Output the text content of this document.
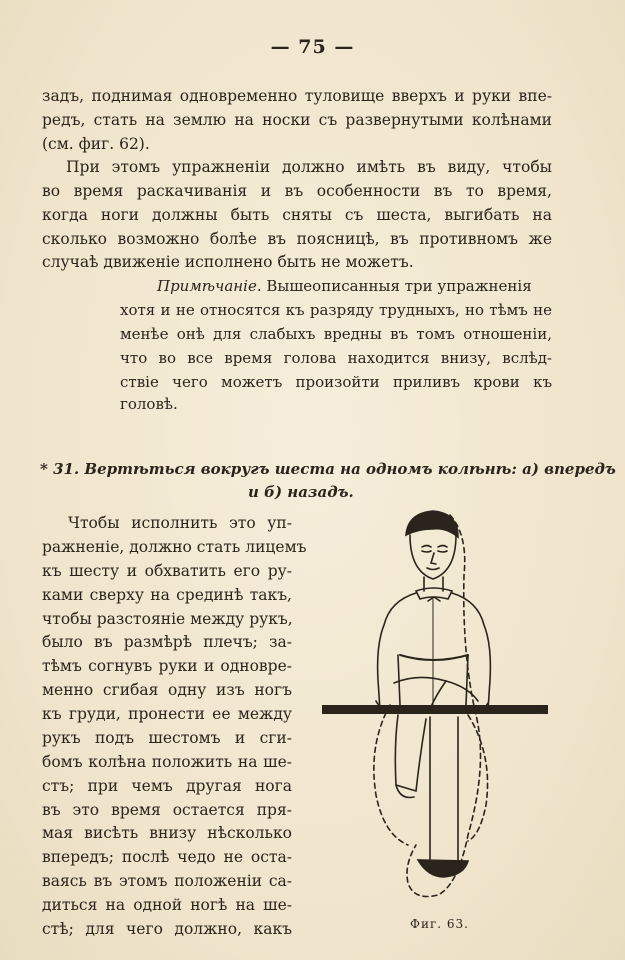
— 75 —
задъ, поднимая одновременно туловище вверхъ и руки впе-
редъ, стать на землю на носки съ развернутыми колѣнами
(см. фиг. 62).
При этомъ упражненіи должно имѣть въ виду, чтобы
во время раскачиванія и въ особенности въ то время,
когда ноги должны быть сняты съ шеста, выгибать на
сколько возможно болѣе въ поясницѣ, въ противномъ же
случаѣ движеніе исполнено быть не можетъ.
Примѣчаніе. Вышеописанныя три упражненія
хотя и не относятся къ разряду трудныхъ, но тѣмъ не
менѣе онѣ для слабыхъ вредны въ томъ отношеніи,
что во все время голова находится внизу, вслѣд-
ствіе чего можетъ произойти приливъ крови къ
головѣ.
* 31. Вертѣться вокругъ шеста на одномъ колѣнѣ: а) впередъ
и б) назадъ.
Чтобы исполнить это уп-
ражненіе, должно стать лицемъ
къ шесту и обхватить его ру-
ками сверху на срединѣ такъ,
чтобы разстояніе между рукъ,
было въ размѣрѣ плечъ; за-
тѣмъ согнувъ руки и одновре-
менно сгибая одну изъ ногъ
къ груди, пронести ее между
рукъ подъ шестомъ и сги-
бомъ колѣна положить на ше-
стъ; при чемъ другая нога
въ это время остается пря-
мая висѣть внизу нѣсколько
впередъ; послѣ чедо не оста-
ваясь въ этомъ положеніи са-
диться на одной ногѣ на ше-
стѣ; для чего должно, какъ	Фиг. 63.
